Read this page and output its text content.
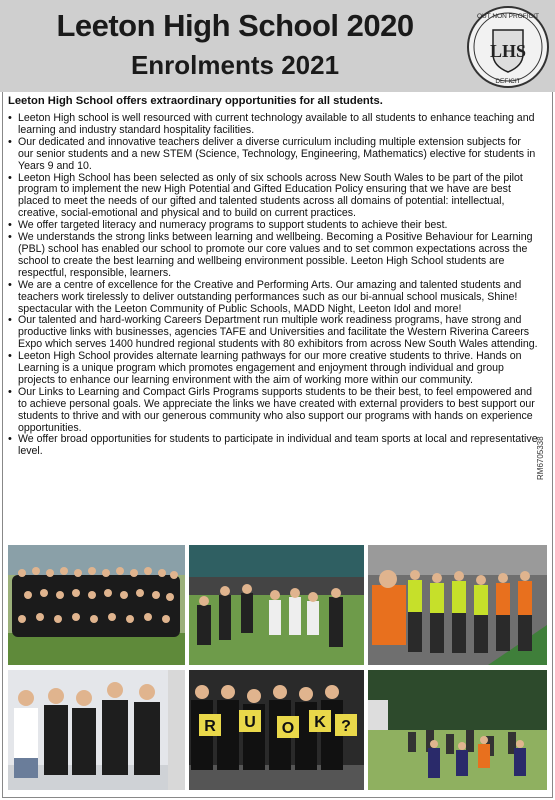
Leeton High School 2020
Enrolments 2021	LHS
OUT NON PROFICIT
DEFICIT

Leeton High School offers extraordinary opportunities for all students.

• Leeton High school is well resourced with current technology available to all students to enhance teaching and learning and industry standard hospitality facilities.
• Our dedicated and innovative teachers deliver a diverse curriculum including multiple extension subjects for our senior students and a new STEM (Science, Technology, Engineering, Mathematics) elective for students in Years 9 and 10.
• Leeton High School has been selected as only of six schools across New South Wales to be part of the pilot program to implement the new High Potential and Gifted Education Policy ensuring that we have are best placed to meet the needs of our gifted and talented students across all domains of potential: intellectual, creative, social-emotional and physical and to build on current practices.
• We offer targeted literacy and numeracy programs to support students to achieve their best.
• We understands the strong links between learning and wellbeing. Becoming a Positive Behaviour for Learning (PBL) school has enabled our school to promote our core values and to set common expectations across the school to create the best learning and wellbeing environment possible. Leeton High School students are respectful, responsible, learners.
• We are a centre of excellence for the Creative and Performing Arts. Our amazing and talented students and teachers work tirelessly to deliver outstanding performances such as our bi-annual school musicals, Shine! spectacular with the Leeton Community of Public Schools, MADD Night, Leeton Idol and more!
• Our talented and hard-working Careers Department run multiple work readiness programs, have strong and productive links with businesses, agencies TAFE and Universities and facilitate the Western Riverina Careers Expo which serves 1400 hundred regional students with 80 exhibitors from across New South Wales attending.
• Leeton High School provides alternate learning pathways for our more creative students to thrive. Hands on Learning is a unique program which promotes engagement and enjoyment through individual and group projects to enhance our learning environment with the aim of working more within our community.
• Our Links to Learning and Compact Girls Programs supports students to be their best, to feel empowered and to achieve personal goals. We appreciate the links we have created with external providers to best support our students to thrive and with our generous community who also support our programs with hands on experience opportunities.
• We offer broad opportunities for students to participate in individual and team sports at local and representative level.	RM6705338
R U O K ?
